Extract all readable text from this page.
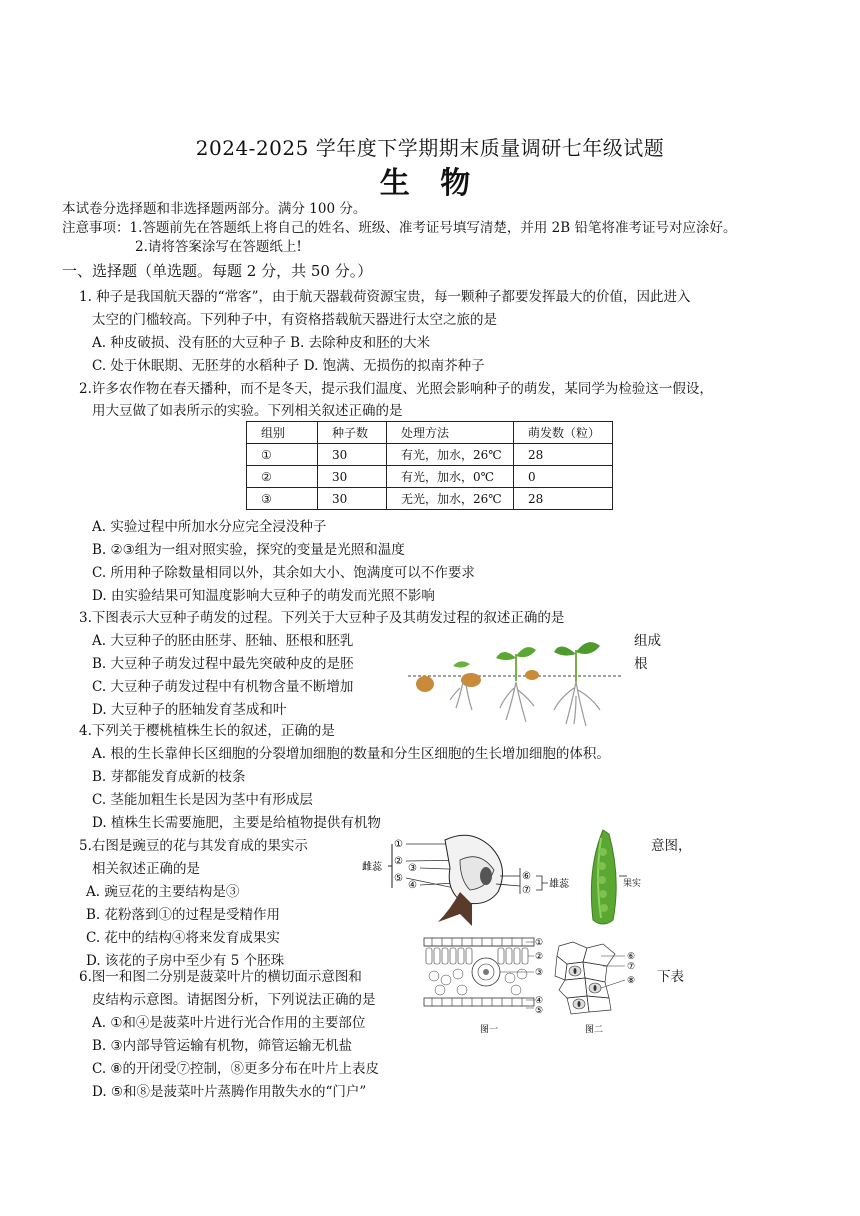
2024-2025 学年度下学期期末质量调研七年级试题
生 物
本试卷分选择题和非选择题两部分。满分 100 分。
注意事项：1.答题前先在答题纸上将自己的姓名、班级、准考证号填写清楚，并用 2B 铅笔将准考证号对应涂好。
2.请将答案涂写在答题纸上!
一、选择题（单选题。每题 2 分，共 50 分。）
1. 种子是我国航天器的“常客”，由于航天器载荷资源宝贵，每一颗种子都要发挥最大的价值，因此进入
太空的门槛较高。下列种子中，有资格搭载航天器进行太空之旅的是
A. 种皮破损、没有胚的大豆种子 B. 去除种皮和胚的大米
C. 处于休眠期、无胚芽的水稻种子 D. 饱满、无损伤的拟南芥种子
2.许多农作物在春天播种，而不是冬天，提示我们温度、光照会影响种子的萌发，某同学为检验这一假设，
用大豆做了如表所示的实验。下列相关叙述正确的是
组别	种子数	处理方法	萌发数（粒）
①	30	有光，加水，26℃	28
②	30	有光，加水，0℃	0
③	30	无光，加水，26℃	28
A. 实验过程中所加水分应完全浸没种子
B. ②③组为一组对照实验，探究的变量是光照和温度
C. 所用种子除数量相同以外，其余如大小、饱满度可以不作要求
D. 由实验结果可知温度影响大豆种子的萌发而光照不影响
3.下图表示大豆种子萌发的过程。下列关于大豆种子及其萌发过程的叙述正确的是
A. 大豆种子的胚由胚芽、胚轴、胚根和胚乳	组成
B. 大豆种子萌发过程中最先突破种皮的是胚	根
C. 大豆种子萌发过程中有机物含量不断增加
D. 大豆种子的胚轴发育茎成和叶
4.下列关于樱桃植株生长的叙述，正确的是
A. 根的生长靠伸长区细胞的分裂增加细胞的数量和分生区细胞的生长增加细胞的体积。
B. 芽都能发育成新的枝条
C. 茎能加粗生长是因为茎中有形成层
D. 植株生长需要施肥，主要是给植物提供有机物
5.右图是豌豆的花与其发育成的果实示	意图，
相关叙述正确的是
A. 豌豆花的主要结构是③
B. 花粉落到①的过程是受精作用
C. 花中的结构④将来发育成果实
D. 该花的子房中至少有 5 个胚珠
雌蕊
①
②
⑤
③
④
⑥
⑦
雄蕊	果实
6.图一和图二分别是菠菜叶片的横切面示意图和	下表
皮结构示意图。请据图分析，下列说法正确的是
A. ①和④是菠菜叶片进行光合作用的主要部位
B. ③内部导管运输有机物，筛管运输无机盐
C. ⑧的开闭受⑦控制，⑧更多分布在叶片上表皮
D. ⑤和⑧是菠菜叶片蒸腾作用散失水的“门户”
①
②
③
④
⑤
图一
⑥
⑦
⑧
图二
